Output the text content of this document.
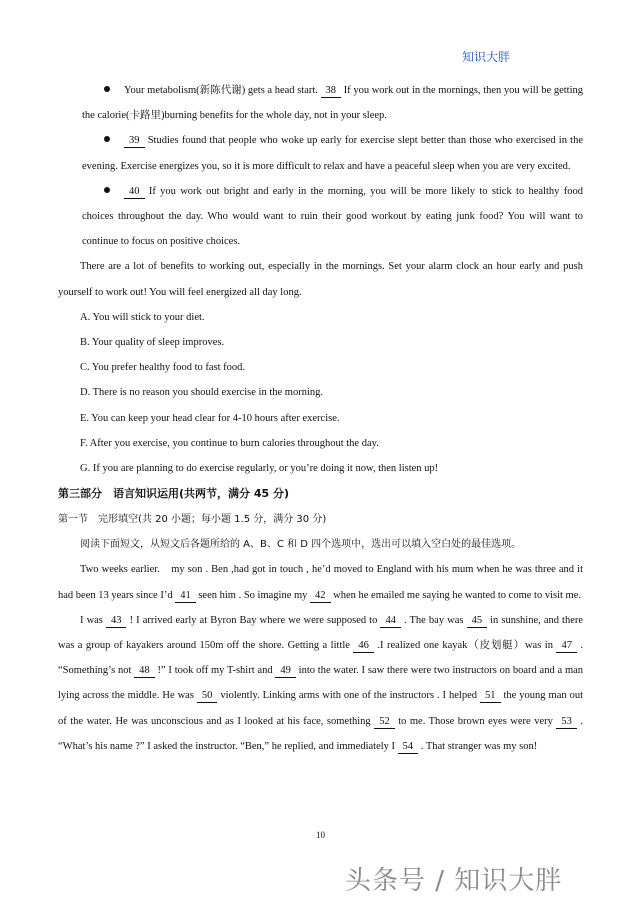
知识大胖

Your metabolism(新陈代谢) gets a head start. 38 If you work out in the mornings, then you will be getting the calorie(卡路里)burning benefits for the whole day, not in your sleep.

39 Studies found that people who woke up early for exercise slept better than those who exercised in the evening. Exercise energizes you, so it is more difficult to relax and have a peaceful sleep when you are very excited.

40 If you work out bright and early in the morning, you will be more likely to stick to healthy food choices throughout the day. Who would want to ruin their good workout by eating junk food? You will want to continue to focus on positive choices.

There are a lot of benefits to working out, especially in the mornings. Set your alarm clock an hour early and push yourself to work out! You will feel energized all day long.

A. You will stick to your diet.

B. Your quality of sleep improves.

C. You prefer healthy food to fast food.

D. There is no reason you should exercise in the morning.

E. You can keep your head clear for 4-10 hours after exercise.

F. After you exercise, you continue to burn calories throughout the day.

G. If you are planning to do exercise regularly, or you’re doing it now, then listen up!

第三部分　语言知识运用(共两节，满分 45 分)

第一节　完形填空(共 20 小题；每小题 1.5 分，满分 30 分)

阅读下面短文，从短文后各题所给的 A、B、C 和 D 四个选项中，选出可以填入空白处的最佳选项。

Two weeks earlier.　my son . Ben ,had got in touch , he’d moved to England with his mum when he was three and it had been 13 years since I’d 41 seen him . So imagine my 42 when he emailed me saying he wanted to come to visit me.

I was 43 ! I arrived early at Byron Bay where we were supposed to 44 . The bay was 45 in sunshine, and there was a group of kayakers around 150m off the shore. Getting a little 46 .I realized one kayak（皮划艇）was in 47 . “Something’s not 48 !” I took off my T-shirt and 49 into the water. I saw there were two instructors on board and a man lying across the middle. He was 50 violently. Linking arms with one of the instructors . I helped 51 the young man out of the water. He was unconscious and as I looked at his face, something 52 to me. Those brown eyes were very 53 . “What’s his name ?” I asked the instructor. “Ben,” he replied, and immediately I 54 . That stranger was my son!

10
头条号 / 知识大胖
